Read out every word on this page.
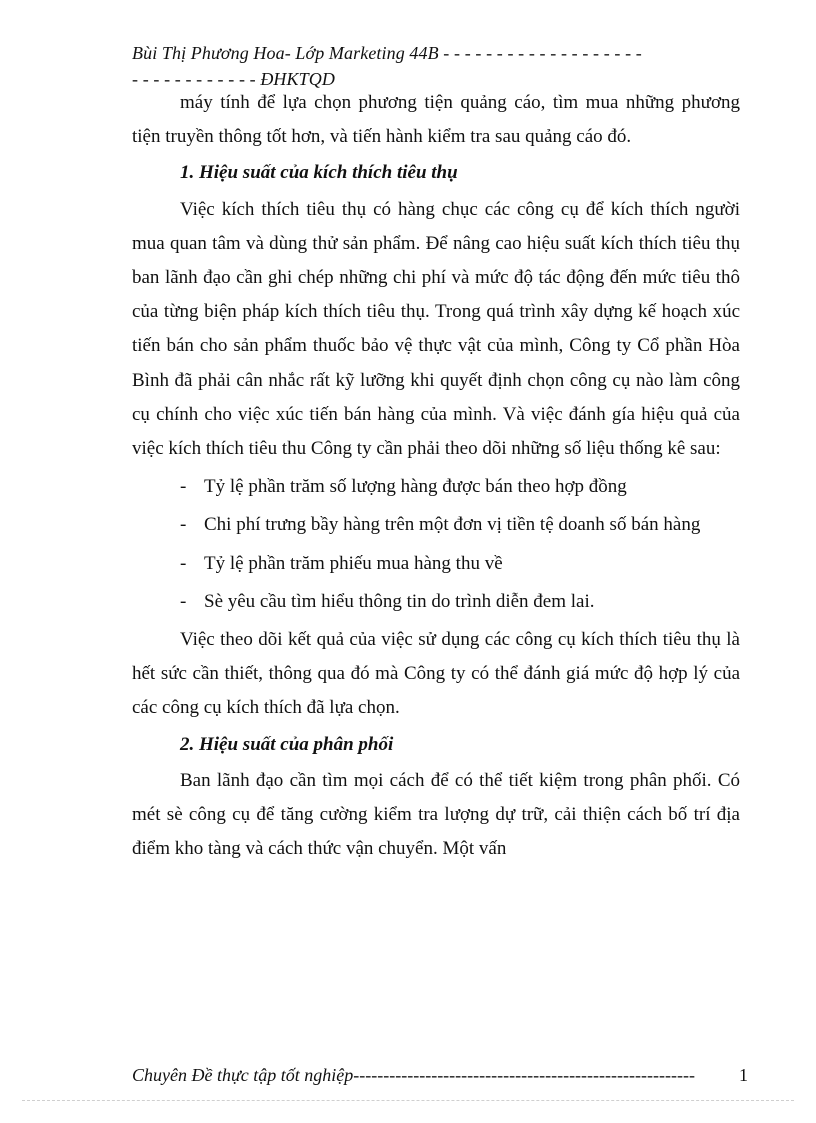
Bùi Thị Phương Hoa- Lớp Marketing 44B - - - - - - - - - - - - - - - - - - -
- - - - - - - - - - - - ĐHKTQD

máy tính để lựa chọn phương tiện quảng cáo, tìm mua những phương tiện truyền thông tốt hơn, và tiến hành kiểm tra sau quảng cáo đó.

1. Hiệu suất của kích thích tiêu thụ

Việc kích thích tiêu thụ có hàng chục các công cụ để kích thích người mua quan tâm và dùng thử sản phẩm. Để nâng cao hiệu suất kích thích tiêu thụ ban lãnh đạo cần ghi chép những chi phí và mức độ tác động đến mức tiêu thô của từng biện pháp kích thích tiêu thụ. Trong quá trình xây dựng kế hoạch xúc tiến bán cho sản phẩm thuốc bảo vệ thực vật của mình, Công ty Cổ phần Hòa Bình đã phải cân nhắc rất kỹ lưỡng khi quyết định chọn công cụ nào làm công cụ chính cho việc xúc tiến bán hàng của mình. Và việc đánh gía hiệu quả của việc kích thích tiêu thu Công ty cần phải theo dõi những số liệu thống kê sau:

- Tỷ lệ phần trăm số lượng hàng được bán theo hợp đồng
- Chi phí trưng bầy hàng trên một đơn vị tiền tệ doanh số bán hàng
- Tỷ lệ phần trăm phiếu mua hàng thu về
- Sè yêu cầu tìm hiểu thông tin do trình diễn đem lai.

Việc theo dõi kết quả của việc sử dụng các công cụ kích thích tiêu thụ là hết sức cần thiết, thông qua đó mà Công ty có thể đánh giá mức độ hợp lý của các công cụ kích thích đã lựa chọn.

2. Hiệu suất của phân phối

Ban lãnh đạo cần tìm mọi cách để có thể tiết kiệm trong phân phối. Có mét sè công cụ để tăng cường kiểm tra lượng dự trữ, cải thiện cách bố trí địa điểm kho tàng và cách thức vận chuyển. Một vấn

Chuyên Đề thực tập tốt nghiệp--------------------------------------------------------- 1
